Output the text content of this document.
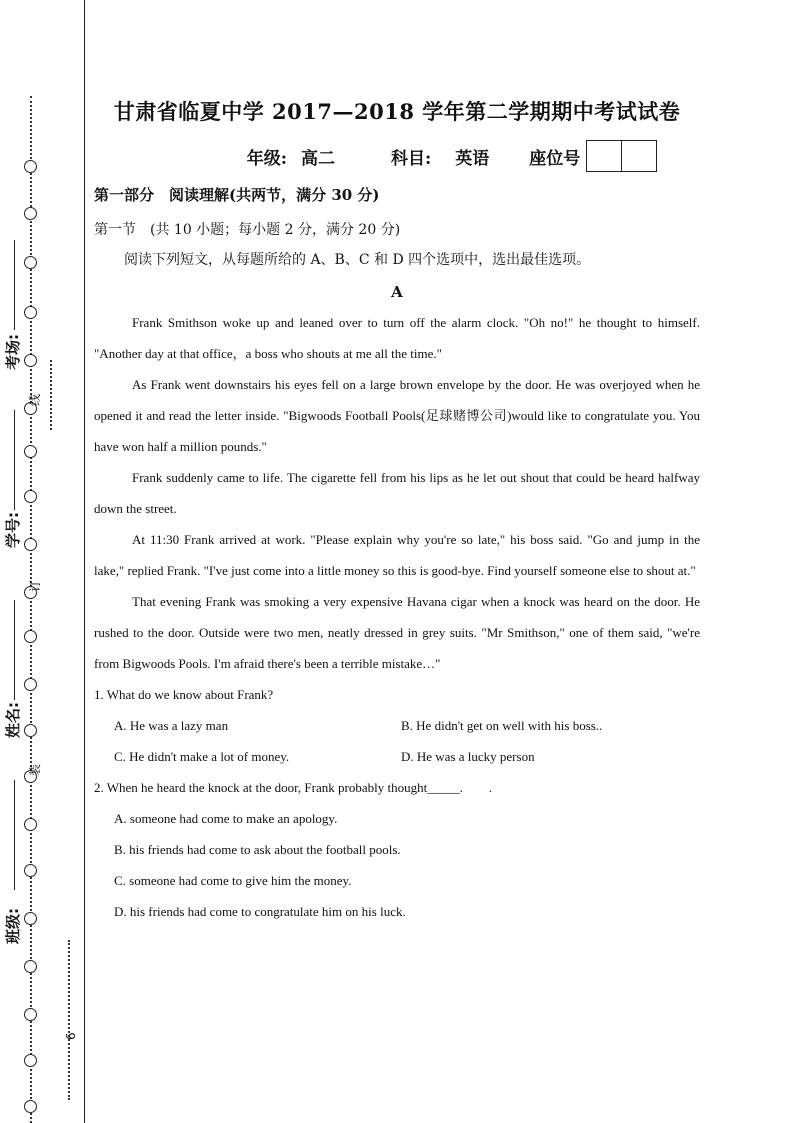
考场:
学号:
姓名:
班级:
线
订
装
6
甘肃省临夏中学 2017—2018 学年第二学期期中考试试卷
年级: 高二	科目: 英语 座位号
第一部分　阅读理解(共两节，满分 30 分)
第一节　(共 10 小题；每小题 2 分，满分 20 分)
阅读下列短文，从每题所给的 A、B、C 和 D 四个选项中，选出最佳选项。
A

Frank Smithson woke up and leaned over to turn off the alarm clock. "Oh no!" he thought to himself. "Another day at that office，a boss who shouts at me all the time."

As Frank went downstairs his eyes fell on a large brown envelope by the door. He was overjoyed when he opened it and read the letter inside. "Bigwoods Football Pools(足球赌博公司)would like to congratulate you. You have won half a million pounds."

Frank suddenly came to life. The cigarette fell from his lips as he let out shout that could be heard halfway down the street.

At 11:30 Frank arrived at work. "Please explain why you're so late," his boss said. "Go and jump in the lake," replied Frank. "I've just come into a little money so this is good-bye. Find yourself someone else to shout at."

That evening Frank was smoking a very expensive Havana cigar when a knock was heard on the door. He rushed to the door. Outside were two men, neatly dressed in grey suits. "Mr Smithson," one of them said, "we're from Bigwoods Pools. I'm afraid there's been a terrible mistake…"

1. What do we know about Frank?

A. He was a lazy man	B. He didn't get on well with his boss..
C. He didn't make a lot of money.	D. He was a lucky person

2. When he heard the knock at the door, Frank probably thought_____.　　.

A. someone had come to make an apology.
B. his friends had come to ask about the football pools.
C. someone had come to give him the money.
D. his friends had come to congratulate him on his luck.
